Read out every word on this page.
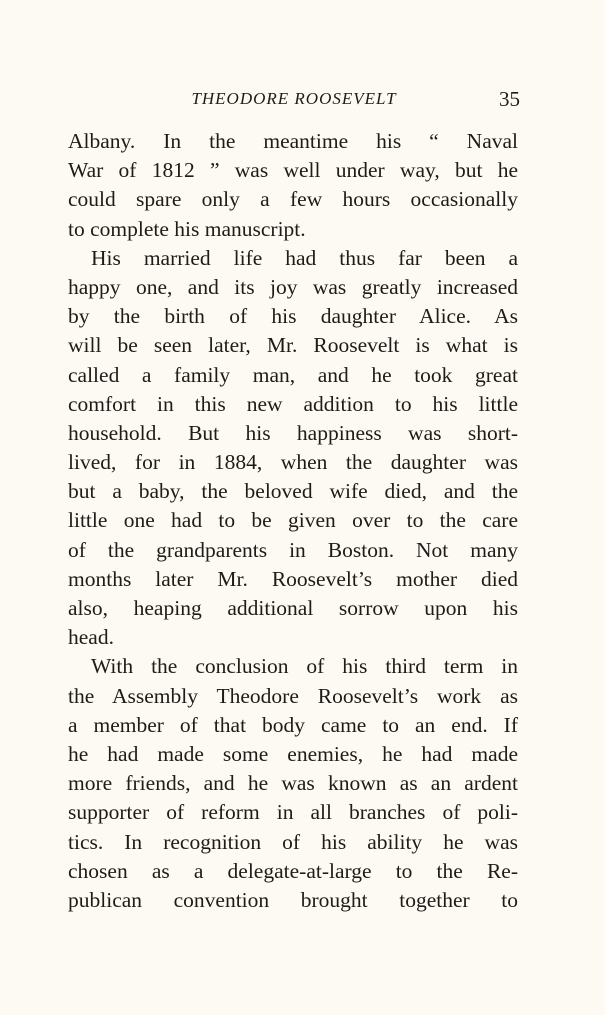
THEODORE ROOSEVELT	35
Albany. In the meantime his “ Naval
War of 1812 ” was well under way, but he
could spare only a few hours occasionally
to complete his manuscript.
His married life had thus far been a
happy one, and its joy was greatly increased
by the birth of his daughter Alice. As
will be seen later, Mr. Roosevelt is what is
called a family man, and he took great
comfort in this new addition to his little
household. But his happiness was short-
lived, for in 1884, when the daughter was
but a baby, the beloved wife died, and the
little one had to be given over to the care
of the grandparents in Boston. Not many
months later Mr. Roosevelt’s mother died
also, heaping additional sorrow upon his
head.
With the conclusion of his third term in
the Assembly Theodore Roosevelt’s work as
a member of that body came to an end. If
he had made some enemies, he had made
more friends, and he was known as an ardent
supporter of reform in all branches of poli-
tics. In recognition of his ability he was
chosen as a delegate-at-large to the Re-
publican convention brought together to
